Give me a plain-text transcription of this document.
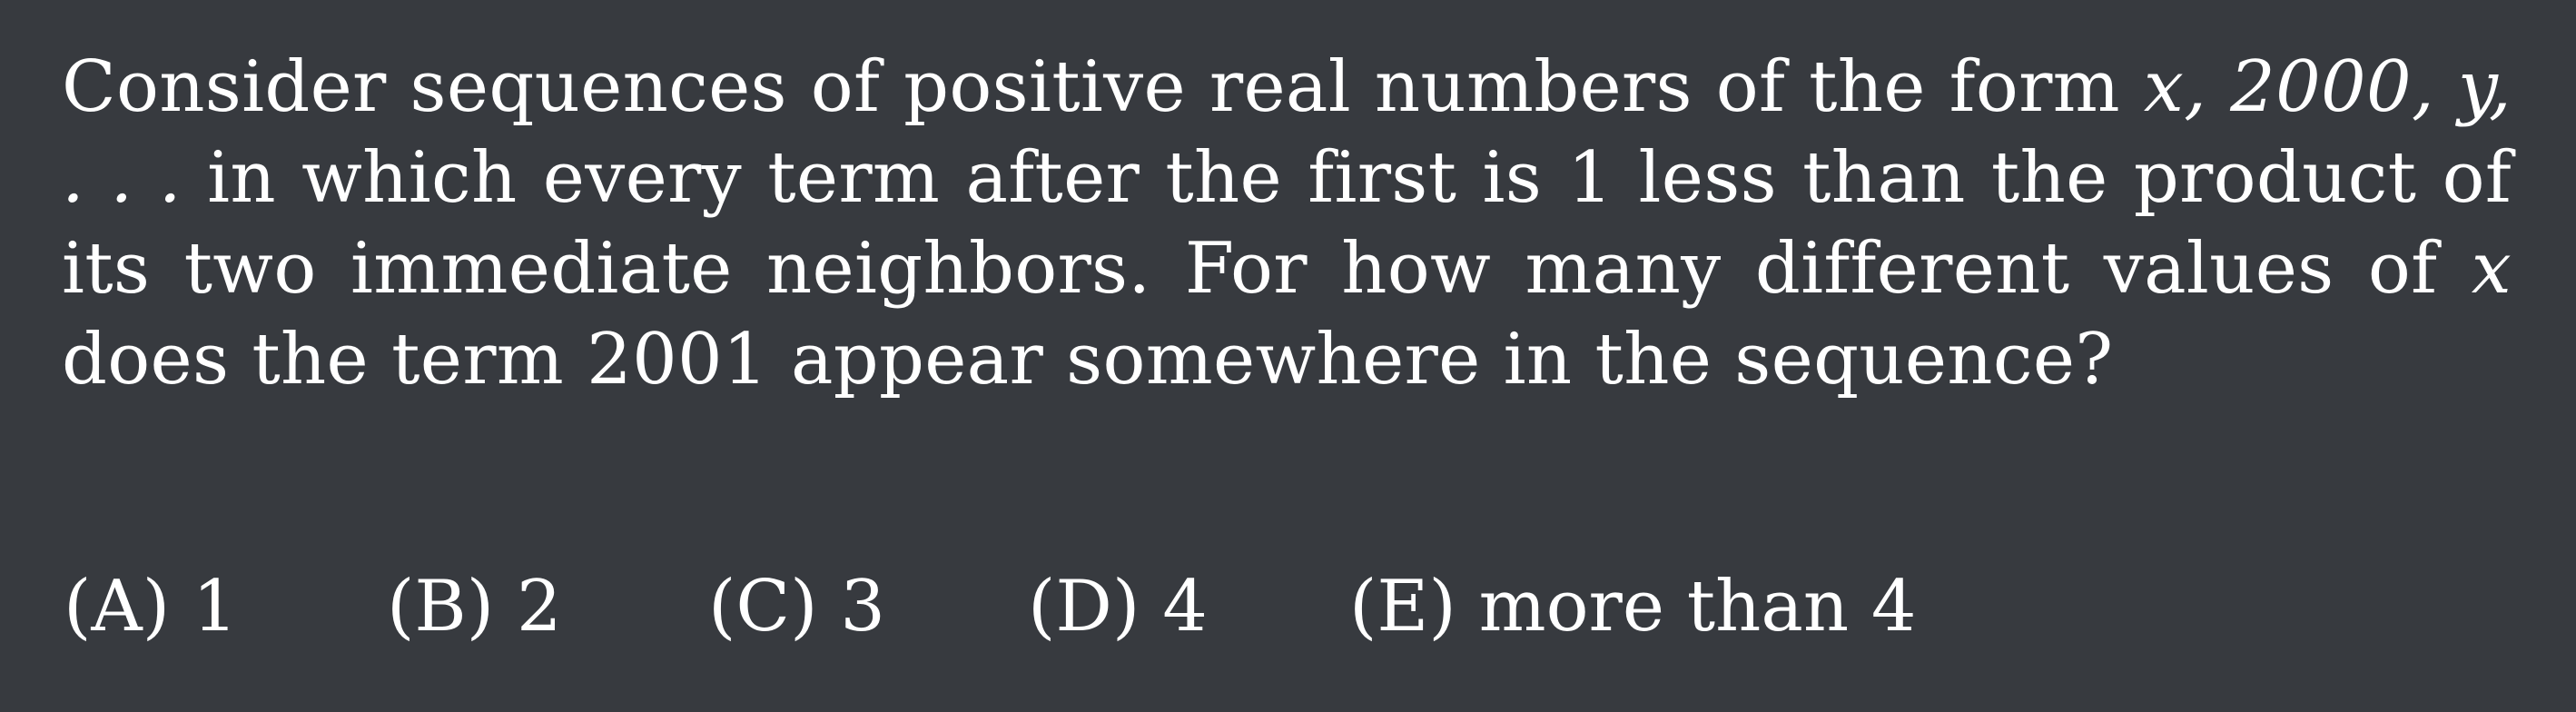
Consider sequences of positive real numbers of the form x, 2000, y, . . . in which every term after the first is 1 less than the product of its two immediate neighbors. For how many different values of x does the term 2001 appear somewhere in the sequence?

(A) 1 (B) 2 (C) 3 (D) 4 (E) more than 4
